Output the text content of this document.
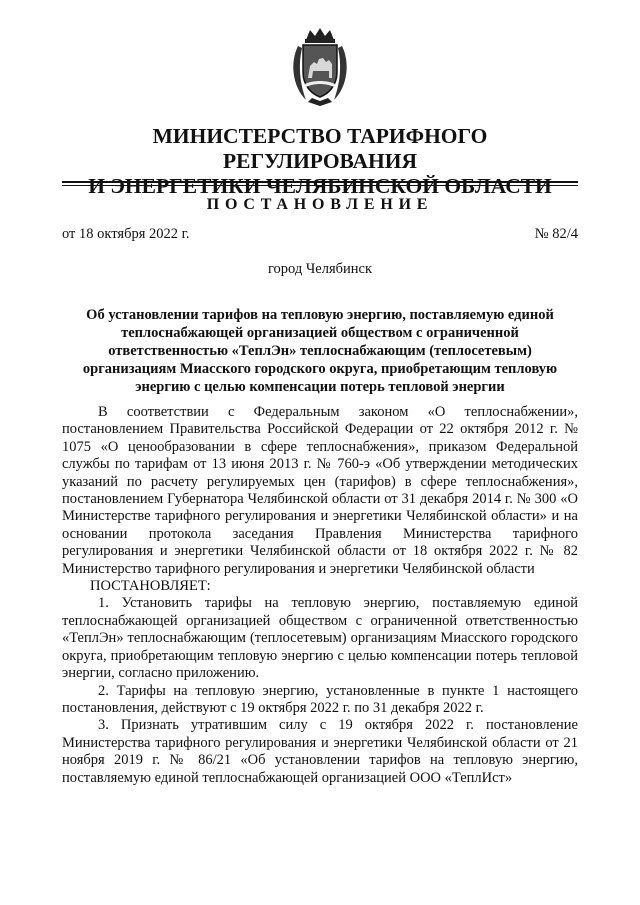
МИНИСТЕРСТВО ТАРИФНОГО РЕГУЛИРОВАНИЯ
И ЭНЕРГЕТИКИ ЧЕЛЯБИНСКОЙ ОБЛАСТИ
ПОСТАНОВЛЕНИЕ
от 18 октября 2022 г.	№ 82/4
город Челябинск
Об установлении тарифов на тепловую энергию, поставляемую единой теплоснабжающей организацией обществом с ограниченной ответственностью «ТеплЭн» теплоснабжающим (теплосетевым) организациям Миасского городского округа, приобретающим тепловую энергию с целью компенсации потерь тепловой энергии

В соответствии с Федеральным законом «О теплоснабжении», постановлением Правительства Российской Федерации от 22 октября 2012 г. № 1075 «О ценообразовании в сфере теплоснабжения», приказом Федеральной службы по тарифам от 13 июня 2013 г. № 760-э «Об утверждении методических указаний по расчету регулируемых цен (тарифов) в сфере теплоснабжения», постановлением Губернатора Челябинской области от 31 декабря 2014 г. № 300 «О Министерстве тарифного регулирования и энергетики Челябинской области» и на основании протокола заседания Правления Министерства тарифного регулирования и энергетики Челябинской области от 18 октября 2022 г. № 82 Министерство тарифного регулирования и энергетики Челябинской области

ПОСТАНОВЛЯЕТ:

1. Установить тарифы на тепловую энергию, поставляемую единой теплоснабжающей организацией обществом с ограниченной ответственностью «ТеплЭн» теплоснабжающим (теплосетевым) организациям Миасского городского округа, приобретающим тепловую энергию с целью компенсации потерь тепловой энергии, согласно приложению.

2. Тарифы на тепловую энергию, установленные в пункте 1 настоящего постановления, действуют с 19 октября 2022 г. по 31 декабря 2022 г.

3. Признать утратившим силу с 19 октября 2022 г. постановление Министерства тарифного регулирования и энергетики Челябинской области от 21 ноября 2019 г. № 86/21 «Об установлении тарифов на тепловую энергию, поставляемую единой теплоснабжающей организацией ООО «ТеплИст»
